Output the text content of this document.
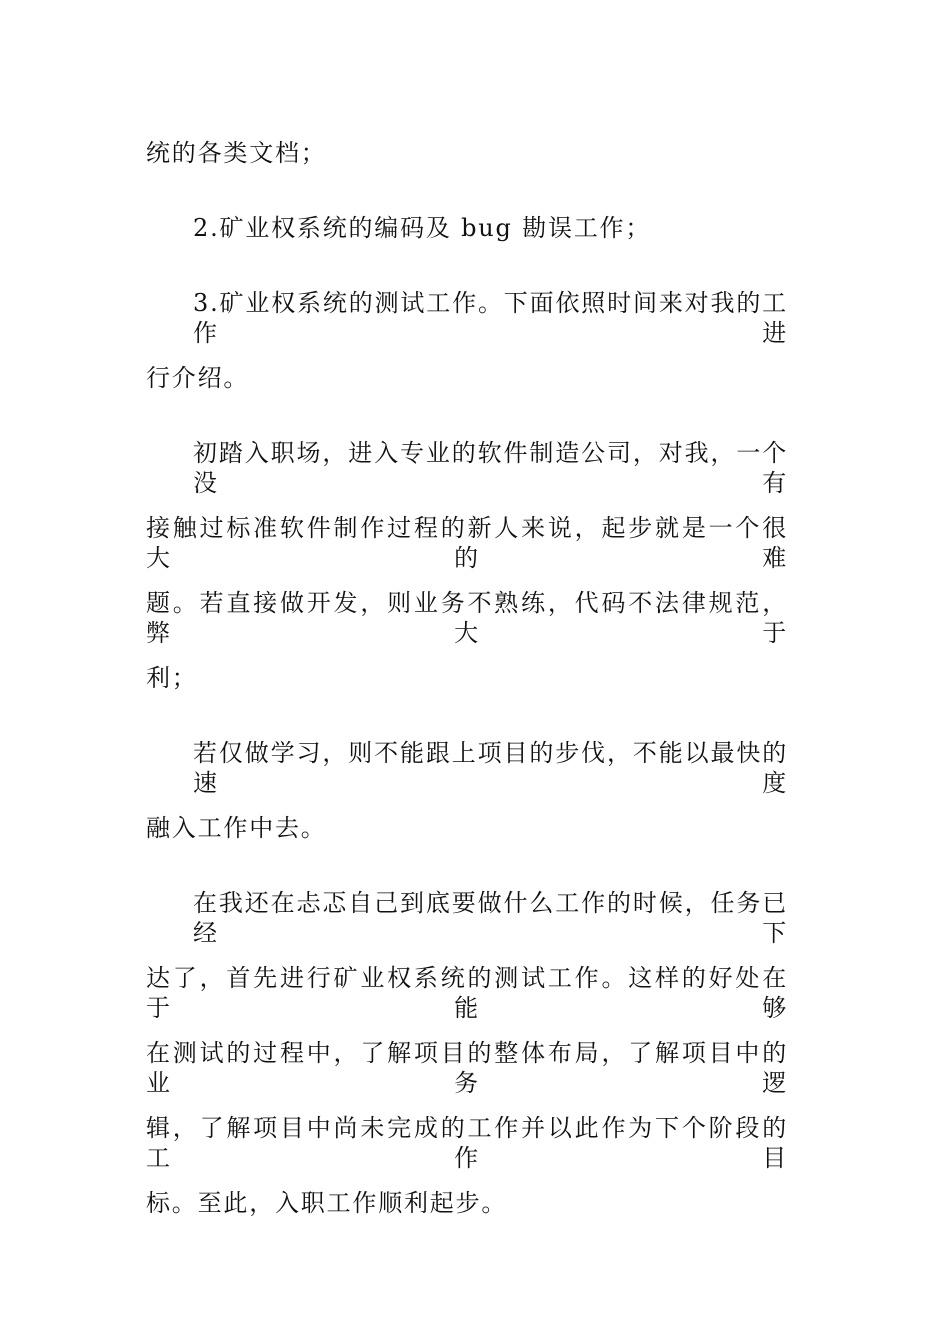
统的各类文档；
2.矿业权系统的编码及 bug 勘误工作；
3.矿业权系统的测试工作。下面依照时间来对我的工作进
行介绍。
初踏入职场，进入专业的软件制造公司，对我，一个没有
接触过标准软件制作过程的新人来说，起步就是一个很大的难
题。若直接做开发，则业务不熟练，代码不法律规范，弊大于
利；
若仅做学习，则不能跟上项目的步伐，不能以最快的速度
融入工作中去。
在我还在忐忑自己到底要做什么工作的时候，任务已经下
达了，首先进行矿业权系统的测试工作。这样的好处在于能够
在测试的过程中，了解项目的整体布局，了解项目中的业务逻
辑，了解项目中尚未完成的工作并以此作为下个阶段的工作目
标。至此，入职工作顺利起步。
